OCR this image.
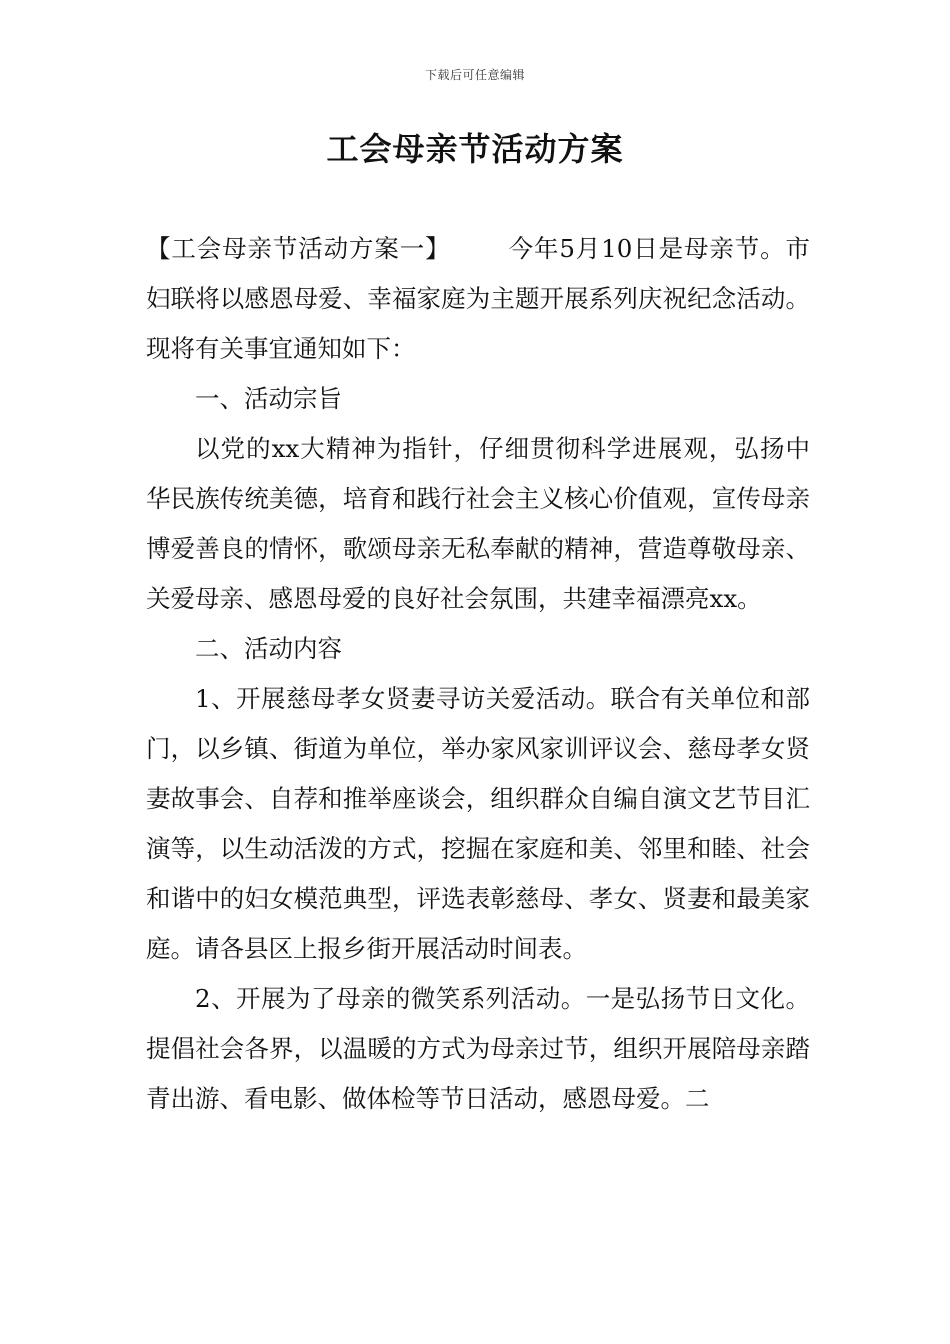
下载后可任意编辑
工会母亲节活动方案

【工会母亲节活动方案一】 今年5月10日是母亲节。市妇联将以感恩母爱、幸福家庭为主题开展系列庆祝纪念活动。现将有关事宜通知如下：

一、活动宗旨

以党的xx大精神为指针，仔细贯彻科学进展观，弘扬中华民族传统美德，培育和践行社会主义核心价值观，宣传母亲博爱善良的情怀，歌颂母亲无私奉献的精神，营造尊敬母亲、关爱母亲、感恩母爱的良好社会氛围，共建幸福漂亮xx。

二、活动内容

1、开展慈母孝女贤妻寻访关爱活动。联合有关单位和部门，以乡镇、街道为单位，举办家风家训评议会、慈母孝女贤妻故事会、自荐和推举座谈会，组织群众自编自演文艺节目汇演等，以生动活泼的方式，挖掘在家庭和美、邻里和睦、社会和谐中的妇女模范典型，评选表彰慈母、孝女、贤妻和最美家庭。请各县区上报乡街开展活动时间表。

2、开展为了母亲的微笑系列活动。一是弘扬节日文化。提倡社会各界，以温暖的方式为母亲过节，组织开展陪母亲踏青出游、看电影、做体检等节日活动，感恩母爱。二
